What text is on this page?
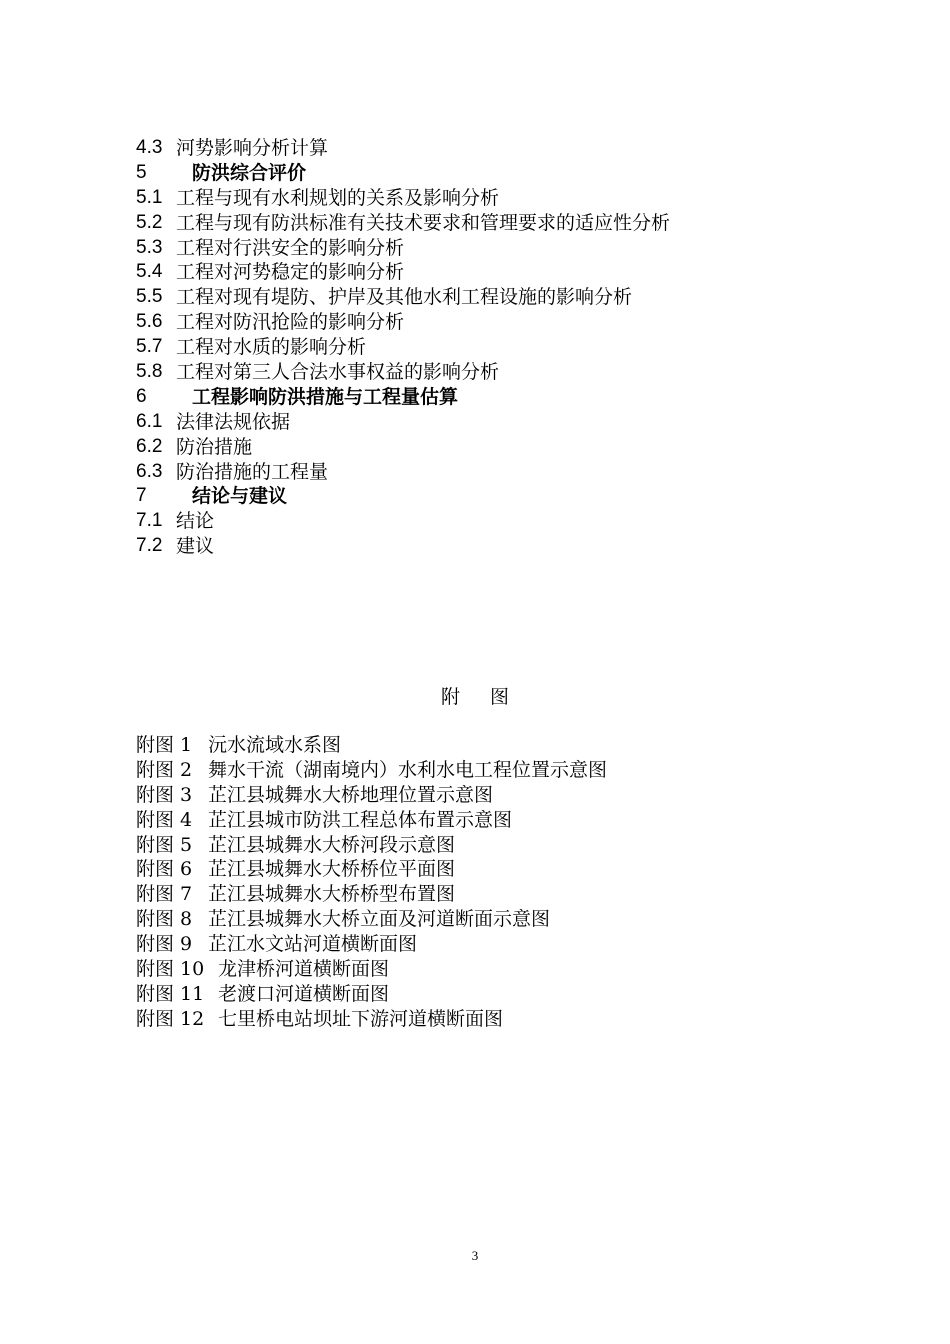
4.3 河势影响分析计算
5	防洪综合评价
5.1 工程与现有水利规划的关系及影响分析
5.2 工程与现有防洪标准有关技术要求和管理要求的适应性分析
5.3 工程对行洪安全的影响分析
5.4 工程对河势稳定的影响分析
5.5 工程对现有堤防、护岸及其他水利工程设施的影响分析
5.6 工程对防汛抢险的影响分析
5.7 工程对水质的影响分析
5.8 工程对第三人合法水事权益的影响分析
6	工程影响防洪措施与工程量估算
6.1 法律法规依据
6.2 防治措施
6.3 防治措施的工程量
7	结论与建议
7.1 结论
7.2 建议
附 图
附图 1 沅水流域水系图
附图 2 舞水干流（湖南境内）水利水电工程位置示意图
附图 3 芷江县城舞水大桥地理位置示意图
附图 4 芷江县城市防洪工程总体布置示意图
附图 5 芷江县城舞水大桥河段示意图
附图 6 芷江县城舞水大桥桥位平面图
附图 7 芷江县城舞水大桥桥型布置图
附图 8 芷江县城舞水大桥立面及河道断面示意图
附图 9 芷江水文站河道横断面图
附图 10 龙津桥河道横断面图
附图 11 老渡口河道横断面图
附图 12 七里桥电站坝址下游河道横断面图
3
